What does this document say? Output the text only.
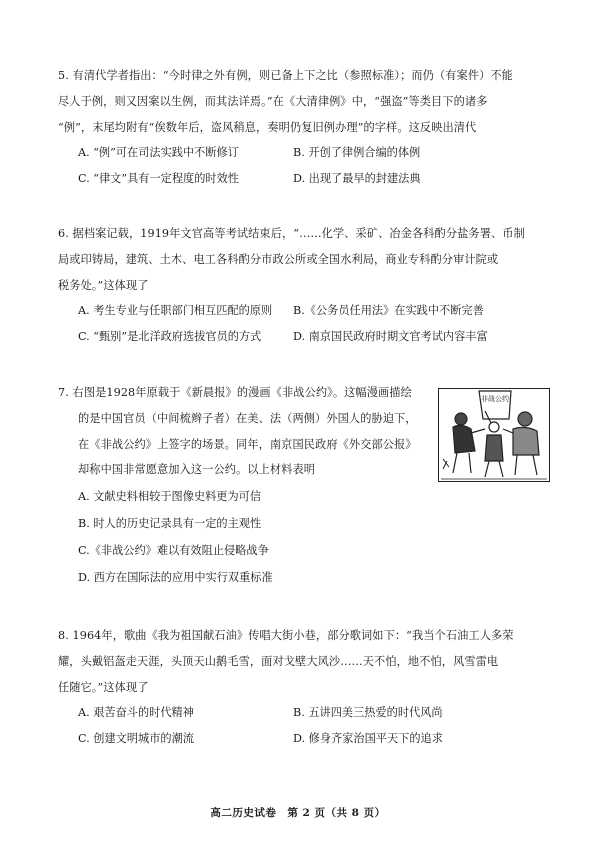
5. 有清代学者指出：“今时律之外有例，则已备上下之比（参照标准）；而仍（有案件）不能

尽人于例，则又因案以生例，而其法详焉。”在《大清律例》中，“强盗”等类目下的诸多

“例”，末尾均附有“俟数年后，盗风稍息，奏明仍复旧例办理”的字样。这反映出清代

A. “例”可在司法实践中不断修订	B. 开创了律例合编的体例
C. “律文”具有一定程度的时效性	D. 出现了最早的封建法典

6. 据档案记载，1919年文官高等考试结束后，“……化学、采矿、冶金各科酌分盐务署、币制

局或印铸局，建筑、土木、电工各科酌分市政公所或全国水利局，商业专科酌分审计院或

税务处。”这体现了

A. 考生专业与任职部门相互匹配的原则	B.《公务员任用法》在实践中不断完善
C. “甄别”是北洋政府选拔官员的方式	D. 南京国民政府时期文官考试内容丰富

7. 右图是1928年原载于《新晨报》的漫画《非战公约》。这幅漫画描绘

的是中国官员（中间梳辫子者）在美、法（两侧）外国人的胁迫下，

在《非战公约》上签字的场景。同年，南京国民政府《外交部公报》

却称中国非常愿意加入这一公约。以上材料表明

A. 文献史料相较于图像史料更为可信
B. 时人的历史记录具有一定的主观性
C.《非战公约》难以有效阻止侵略战争
D. 西方在国际法的应用中实行双重标准
非战公约

8. 1964年，歌曲《我为祖国献石油》传唱大街小巷，部分歌词如下：“我当个石油工人多荣

耀，头戴铝盔走天涯，头顶天山鹅毛雪，面对戈壁大风沙……天不怕，地不怕，风雪雷电

任随它。”这体现了

A. 艰苦奋斗的时代精神	B. 五讲四美三热爱的时代风尚
C. 创建文明城市的潮流	D. 修身齐家治国平天下的追求
高二历史试卷　第 2 页（共 8 页）
